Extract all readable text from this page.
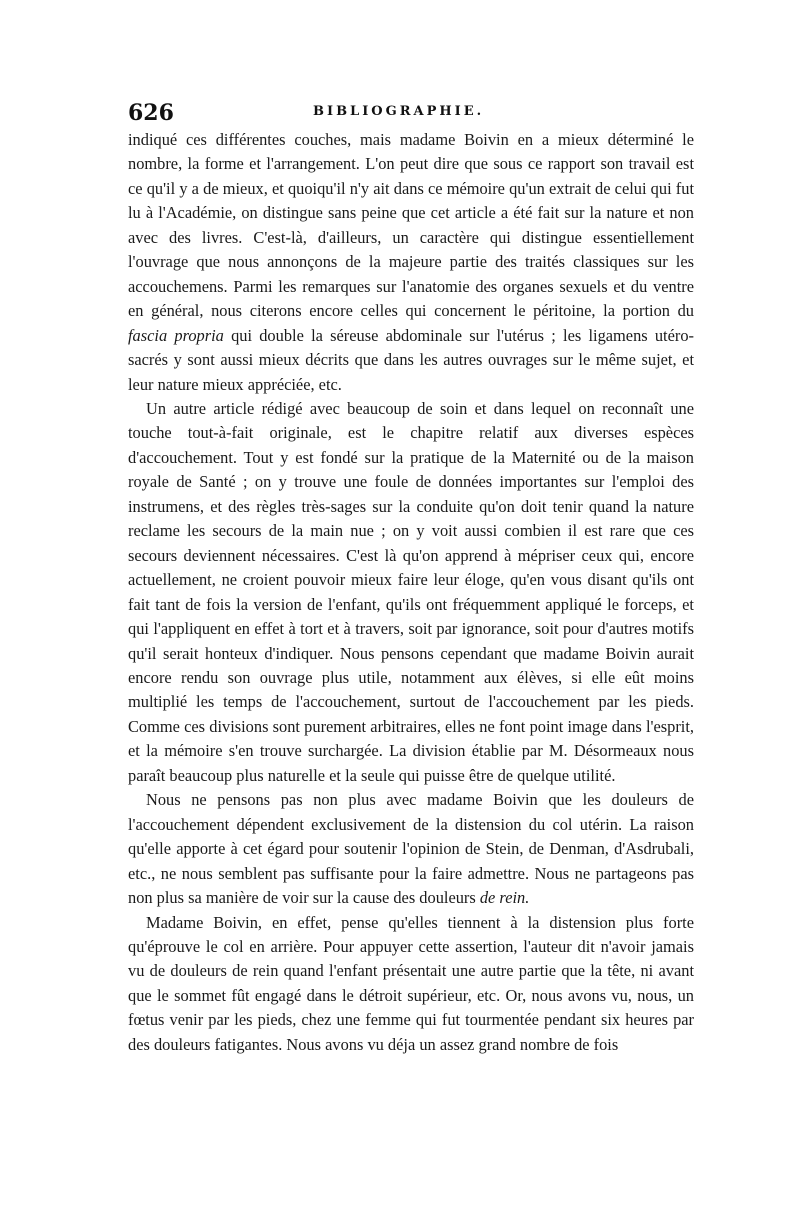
626	BIBLIOGRAPHIE.

indiqué ces différentes couches, mais madame Boivin en a mieux déterminé le nombre, la forme et l'arrangement. L'on peut dire que sous ce rapport son travail est ce qu'il y a de mieux, et quoiqu'il n'y ait dans ce mémoire qu'un extrait de celui qui fut lu à l'Académie, on distingue sans peine que cet article a été fait sur la nature et non avec des livres. C'est-là, d'ailleurs, un caractère qui distingue essentiellement l'ouvrage que nous annonçons de la majeure partie des traités classiques sur les accouchemens. Parmi les remarques sur l'anatomie des organes sexuels et du ventre en général, nous citerons encore celles qui concernent le péritoine, la portion du fascia propria qui double la séreuse abdominale sur l'utérus ; les ligamens utéro-sacrés y sont aussi mieux décrits que dans les autres ouvrages sur le même sujet, et leur nature mieux appréciée, etc.

Un autre article rédigé avec beaucoup de soin et dans lequel on reconnaît une touche tout-à-fait originale, est le chapitre relatif aux diverses espèces d'accouchement. Tout y est fondé sur la pratique de la Maternité ou de la maison royale de Santé ; on y trouve une foule de données importantes sur l'emploi des instrumens, et des règles très-sages sur la conduite qu'on doit tenir quand la nature reclame les secours de la main nue ; on y voit aussi combien il est rare que ces secours deviennent nécessaires. C'est là qu'on apprend à mépriser ceux qui, encore actuellement, ne croient pouvoir mieux faire leur éloge, qu'en vous disant qu'ils ont fait tant de fois la version de l'enfant, qu'ils ont fréquemment appliqué le forceps, et qui l'appliquent en effet à tort et à travers, soit par ignorance, soit pour d'autres motifs qu'il serait honteux d'indiquer. Nous pensons cependant que madame Boivin aurait encore rendu son ouvrage plus utile, notamment aux élèves, si elle eût moins multiplié les temps de l'accouchement, surtout de l'accouchement par les pieds. Comme ces divisions sont purement arbitraires, elles ne font point image dans l'esprit, et la mémoire s'en trouve surchargée. La division établie par M. Désormeaux nous paraît beaucoup plus naturelle et la seule qui puisse être de quelque utilité.

Nous ne pensons pas non plus avec madame Boivin que les douleurs de l'accouchement dépendent exclusivement de la distension du col utérin. La raison qu'elle apporte à cet égard pour soutenir l'opinion de Stein, de Denman, d'Asdrubali, etc., ne nous semblent pas suffisante pour la faire admettre. Nous ne partageons pas non plus sa manière de voir sur la cause des douleurs de rein.

Madame Boivin, en effet, pense qu'elles tiennent à la distension plus forte qu'éprouve le col en arrière. Pour appuyer cette assertion, l'auteur dit n'avoir jamais vu de douleurs de rein quand l'enfant présentait une autre partie que la tête, ni avant que le sommet fût engagé dans le détroit supérieur, etc. Or, nous avons vu, nous, un fœtus venir par les pieds, chez une femme qui fut tourmentée pendant six heures par des douleurs fatigantes. Nous avons vu déja un assez grand nombre de fois
